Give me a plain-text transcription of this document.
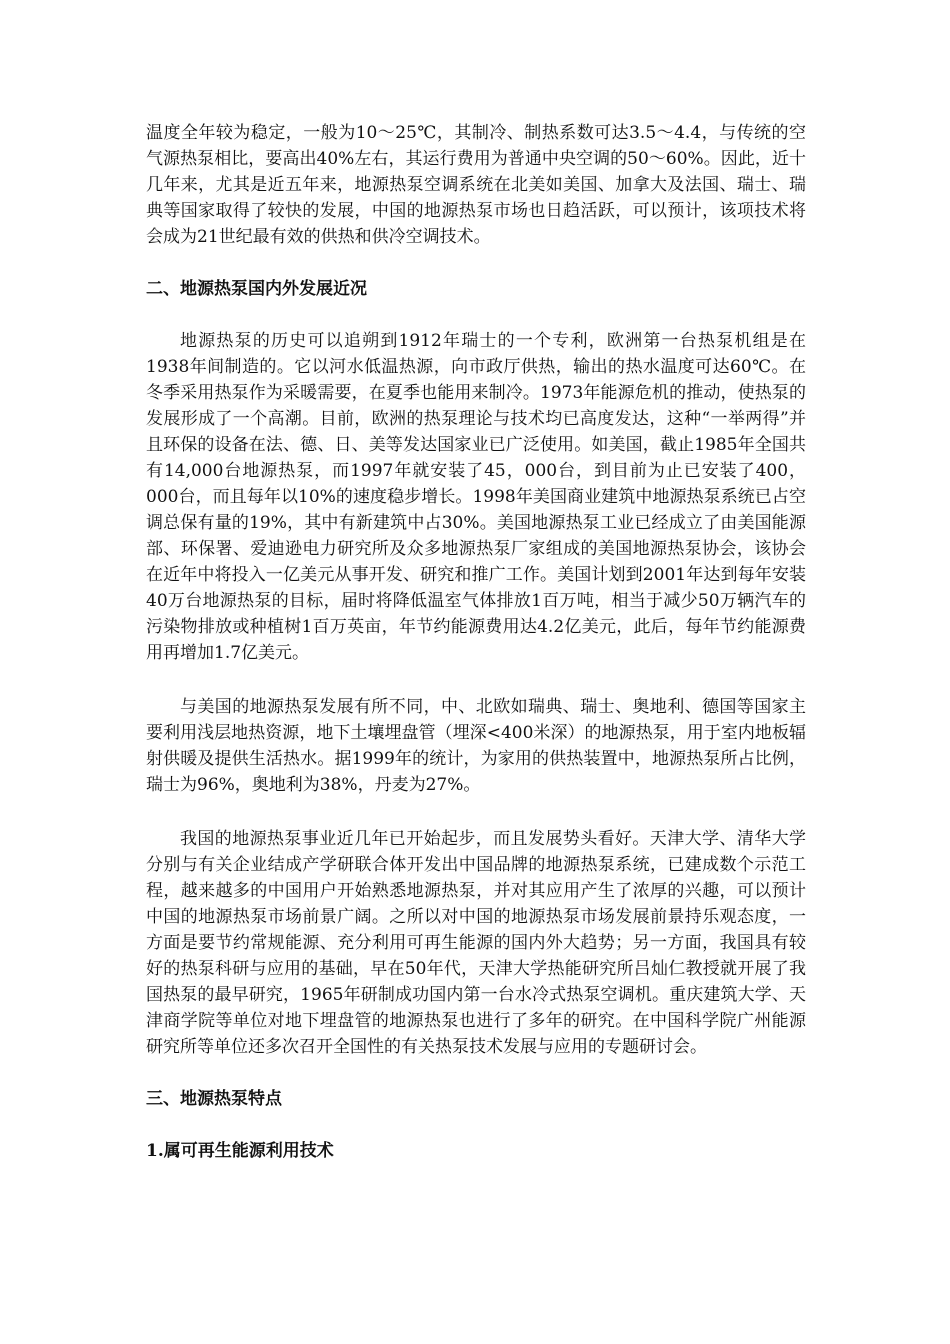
温度全年较为稳定，一般为10～25℃，其制冷、制热系数可达3.5～4.4，与传统的空气源热泵相比，要高出40%左右，其运行费用为普通中央空调的50～60%。因此，近十几年来，尤其是近五年来，地源热泵空调系统在北美如美国、加拿大及法国、瑞士、瑞典等国家取得了较快的发展，中国的地源热泵市场也日趋活跃，可以预计，该项技术将会成为21世纪最有效的供热和供冷空调技术。

二、地源热泵国内外发展近况

地源热泵的历史可以追朔到1912年瑞士的一个专利，欧洲第一台热泵机组是在1938年间制造的。它以河水低温热源，向市政厅供热，输出的热水温度可达60℃。在冬季采用热泵作为采暖需要，在夏季也能用来制冷。1973年能源危机的推动，使热泵的发展形成了一个高潮。目前，欧洲的热泵理论与技术均已高度发达，这种“一举两得”并且环保的设备在法、德、日、美等发达国家业已广泛使用。如美国，截止1985年全国共有14,000台地源热泵，而1997年就安装了45，000台，到目前为止已安装了400，000台，而且每年以10%的速度稳步增长。1998年美国商业建筑中地源热泵系统已占空调总保有量的19%，其中有新建筑中占30%。美国地源热泵工业已经成立了由美国能源部、环保署、爱迪逊电力研究所及众多地源热泵厂家组成的美国地源热泵协会，该协会在近年中将投入一亿美元从事开发、研究和推广工作。美国计划到2001年达到每年安装40万台地源热泵的目标，届时将降低温室气体排放1百万吨，相当于减少50万辆汽车的污染物排放或种植树1百万英亩，年节约能源费用达4.2亿美元，此后，每年节约能源费用再增加1.7亿美元。

与美国的地源热泵发展有所不同，中、北欧如瑞典、瑞士、奥地利、德国等国家主要利用浅层地热资源，地下土壤埋盘管（埋深<400米深）的地源热泵，用于室内地板辐射供暖及提供生活热水。据1999年的统计，为家用的供热装置中，地源热泵所占比例，瑞士为96%，奥地利为38%，丹麦为27%。

我国的地源热泵事业近几年已开始起步，而且发展势头看好。天津大学、清华大学分别与有关企业结成产学研联合体开发出中国品牌的地源热泵系统，已建成数个示范工程，越来越多的中国用户开始熟悉地源热泵，并对其应用产生了浓厚的兴趣，可以预计中国的地源热泵市场前景广阔。之所以对中国的地源热泵市场发展前景持乐观态度，一方面是要节约常规能源、充分利用可再生能源的国内外大趋势；另一方面，我国具有较好的热泵科研与应用的基础，早在50年代，天津大学热能研究所吕灿仁教授就开展了我国热泵的最早研究，1965年研制成功国内第一台水冷式热泵空调机。重庆建筑大学、天津商学院等单位对地下埋盘管的地源热泵也进行了多年的研究。在中国科学院广州能源研究所等单位还多次召开全国性的有关热泵技术发展与应用的专题研讨会。

三、地源热泵特点
1.属可再生能源利用技术
